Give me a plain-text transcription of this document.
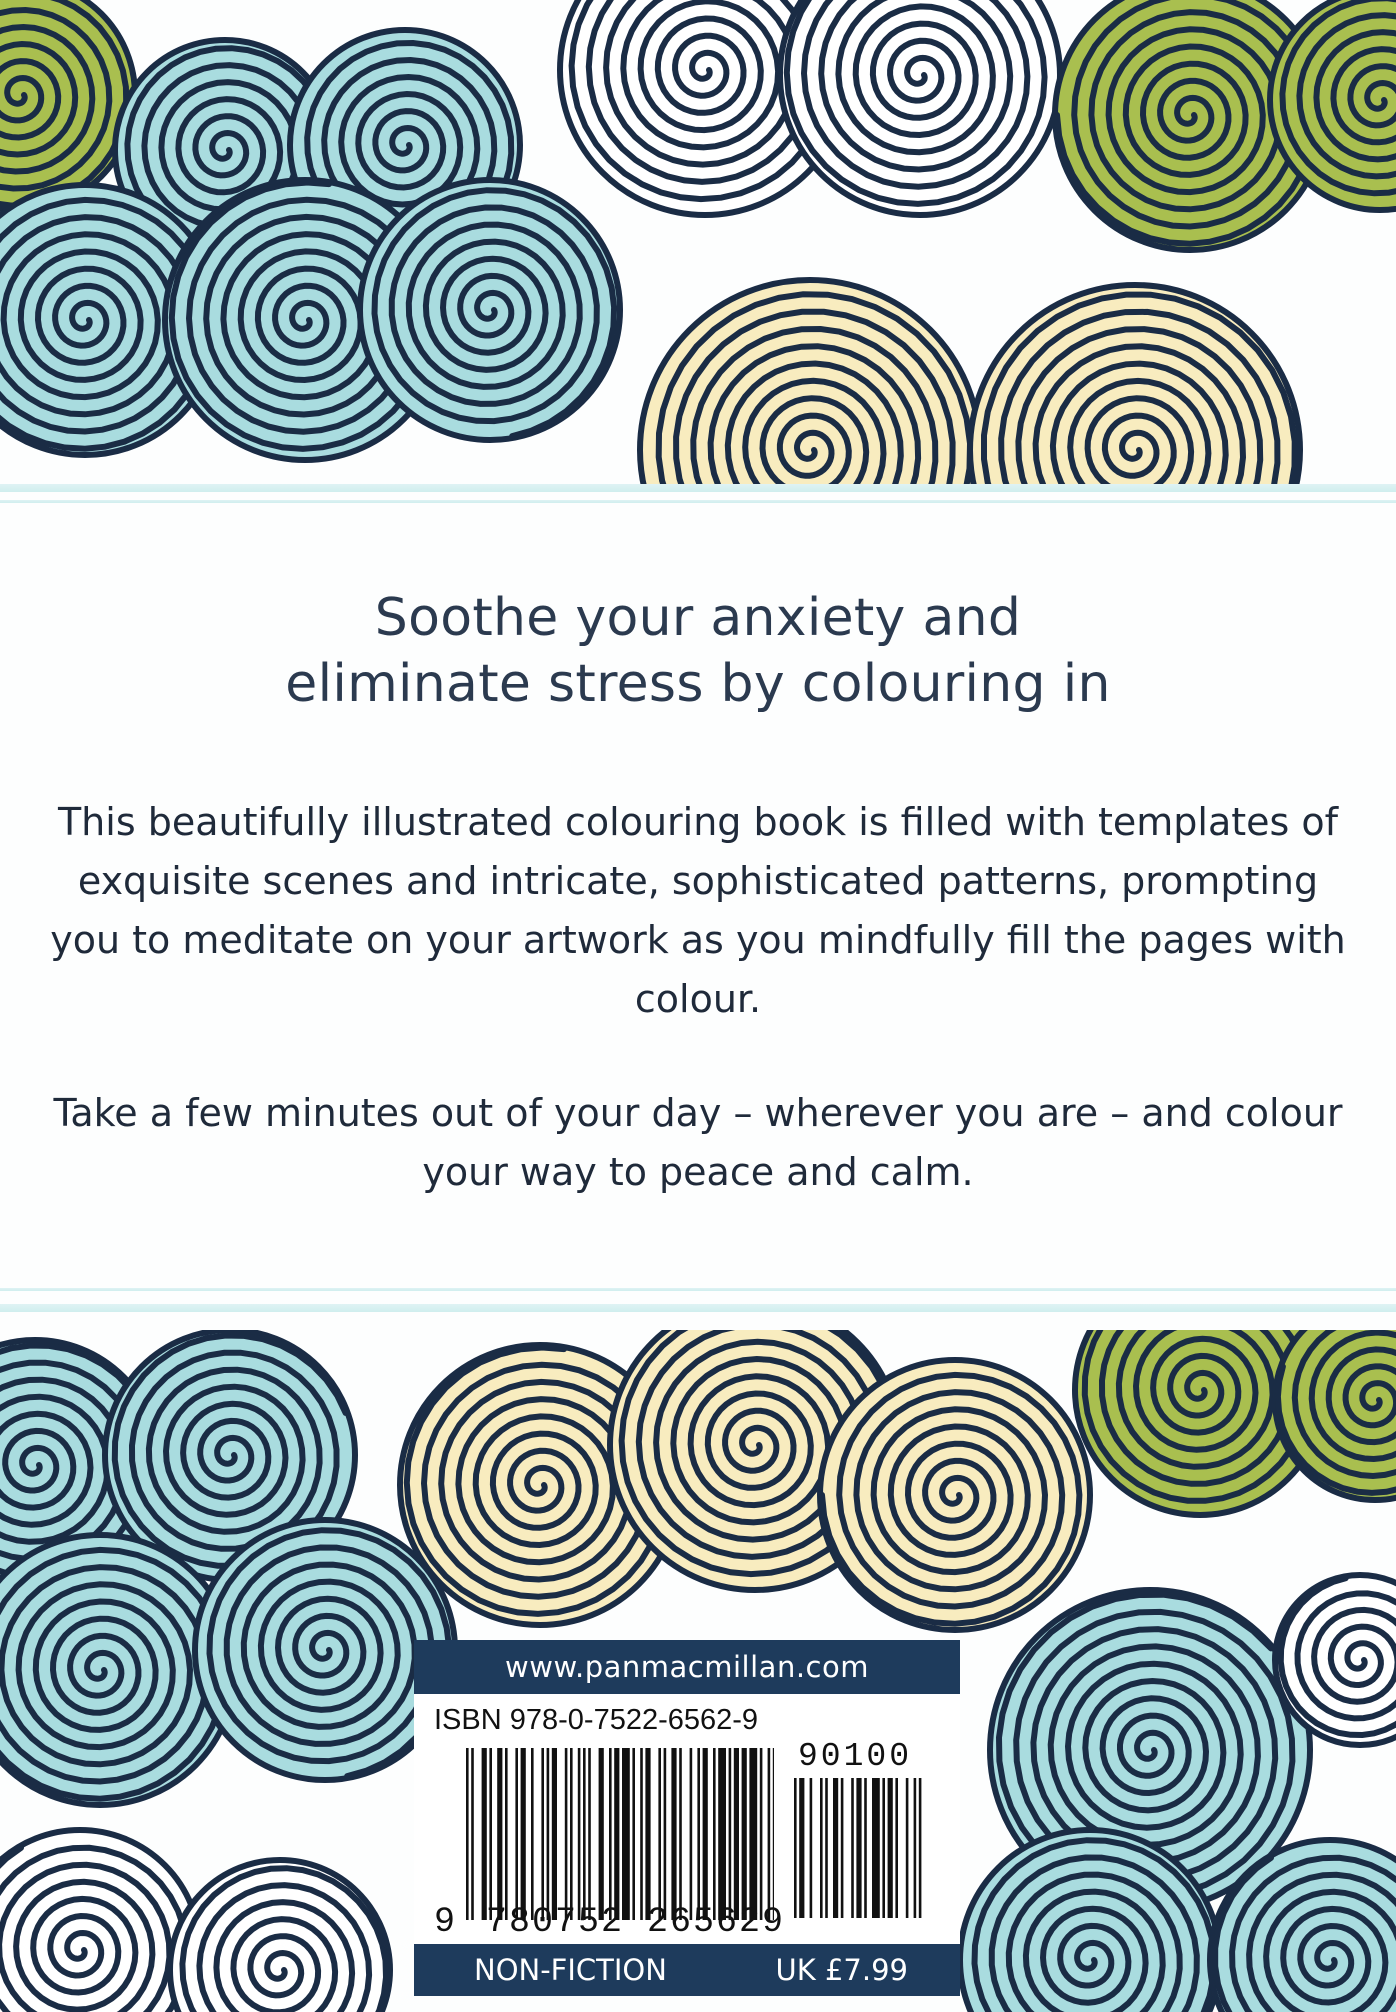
Soothe your anxiety and
eliminate stress by colouring in
This beautifully illustrated colouring book is filled with templates of exquisite scenes and intricate, sophisticated patterns, prompting you to meditate on your artwork as you mindfully fill the pages with colour.
Take a few minutes out of your day – wherever you are – and colour your way to peace and calm.
www.panmacmillan.com
ISBN 978-0-7522-6562-9
90100
9 780752 265629
NON-FICTION	UK £7.99
